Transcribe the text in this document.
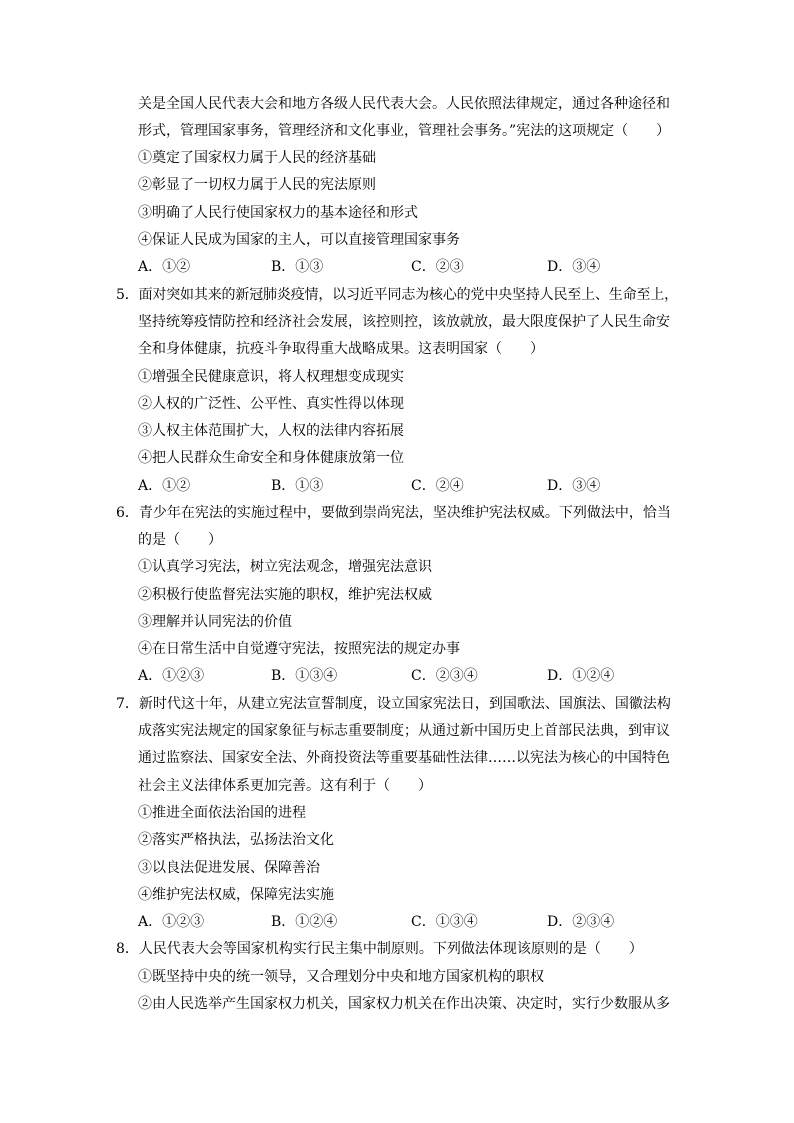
关是全国人民代表大会和地方各级人民代表大会。人民依照法律规定，通过各种途径和
形式，管理国家事务，管理经济和文化事业，管理社会事务。”宪法的这项规定（　　）
①奠定了国家权力属于人民的经济基础
②彰显了一切权力属于人民的宪法原则
③明确了人民行使国家权力的基本途径和形式
④保证人民成为国家的主人，可以直接管理国家事务
A．①②	B．①③	C．②③	D．③④
5．面对突如其来的新冠肺炎疫情，以习近平同志为核心的党中央坚持人民至上、生命至上，
坚持统筹疫情防控和经济社会发展，该控则控，该放就放，最大限度保护了人民生命安
全和身体健康，抗疫斗争取得重大战略成果。这表明国家（　　）
①增强全民健康意识，将人权理想变成现实
②人权的广泛性、公平性、真实性得以体现
③人权主体范围扩大，人权的法律内容拓展
④把人民群众生命安全和身体健康放第一位
A．①②	B．①③	C．②④	D．③④
6．青少年在宪法的实施过程中，要做到崇尚宪法，坚决维护宪法权威。下列做法中，恰当
的是（　　）
①认真学习宪法，树立宪法观念，增强宪法意识
②积极行使监督宪法实施的职权，维护宪法权威
③理解并认同宪法的价值
④在日常生活中自觉遵守宪法，按照宪法的规定办事
A．①②③	B．①③④	C．②③④	D．①②④
7．新时代这十年，从建立宪法宣誓制度，设立国家宪法日，到国歌法、国旗法、国徽法构
成落实宪法规定的国家象征与标志重要制度；从通过新中国历史上首部民法典，到审议
通过监察法、国家安全法、外商投资法等重要基础性法律……以宪法为核心的中国特色
社会主义法律体系更加完善。这有利于（　　）
①推进全面依法治国的进程
②落实严格执法，弘扬法治文化
③以良法促进发展、保障善治
④维护宪法权威，保障宪法实施
A．①②③	B．①②④	C．①③④	D．②③④
8．人民代表大会等国家机构实行民主集中制原则。下列做法体现该原则的是（　　）
①既坚持中央的统一领导，又合理划分中央和地方国家机构的职权
②由人民选举产生国家权力机关，国家权力机关在作出决策、决定时，实行少数服从多
